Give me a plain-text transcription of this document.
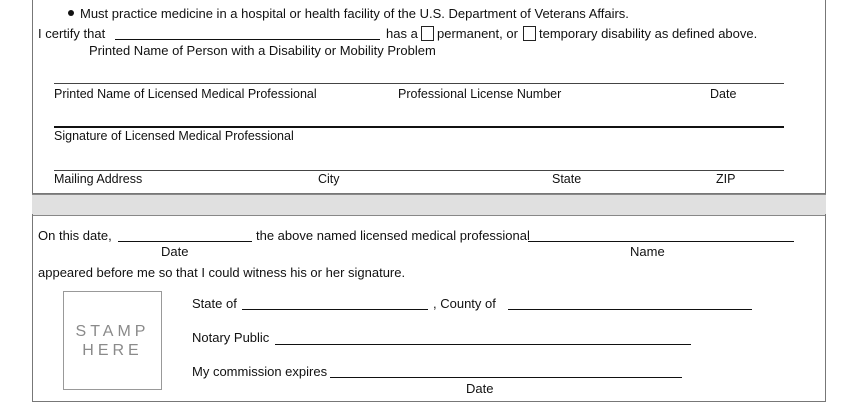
Must practice medicine in a hospital or health facility of the U.S. Department of Veterans Affairs.
I certify that	has a permanent, or temporary disability as defined above.
Printed Name of Person with a Disability or Mobility Problem
Printed Name of Licensed Medical Professional	Professional License Number	Date
Signature of Licensed Medical Professional
Mailing Address	City	State	ZIP
On this date,	the above named licensed medical professional
Date	Name
appeared before me so that I could witness his or her signature.
STAMP
HERE
State of	, County of
Notary Public
My commission expires
Date
